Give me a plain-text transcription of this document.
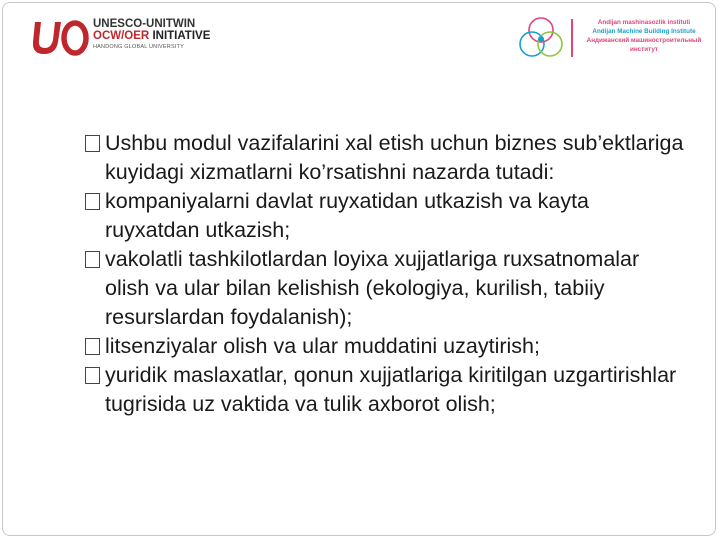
UNESCO-UNITWIN
OCW/OER INITIATIVE
HANDONG GLOBAL UNIVERSITY
Andijan mashinasozlik instituti
Andijan Machine Building Institute
Андижанский машиностроительный
институт
Ushbu modul vazifalarini xal etish uchun biznes sub’ektlariga kuyidagi xizmatlarni ko’rsatishni nazarda tutadi:
kompaniyalarni davlat ruyxatidan utkazish va kayta ruyxatdan utkazish;
vakolatli tashkilotlardan loyixa xujjatlariga ruxsatnomalar olish va ular bilan kelishish (ekologiya, kurilish, tabiiy resurslardan foydalanish);
litsenziyalar olish va ular muddatini uzaytirish;
yuridik maslaxatlar, qonun xujjatlariga kiritilgan uzgartirishlar tugrisida uz vaktida va tulik axborot olish;
